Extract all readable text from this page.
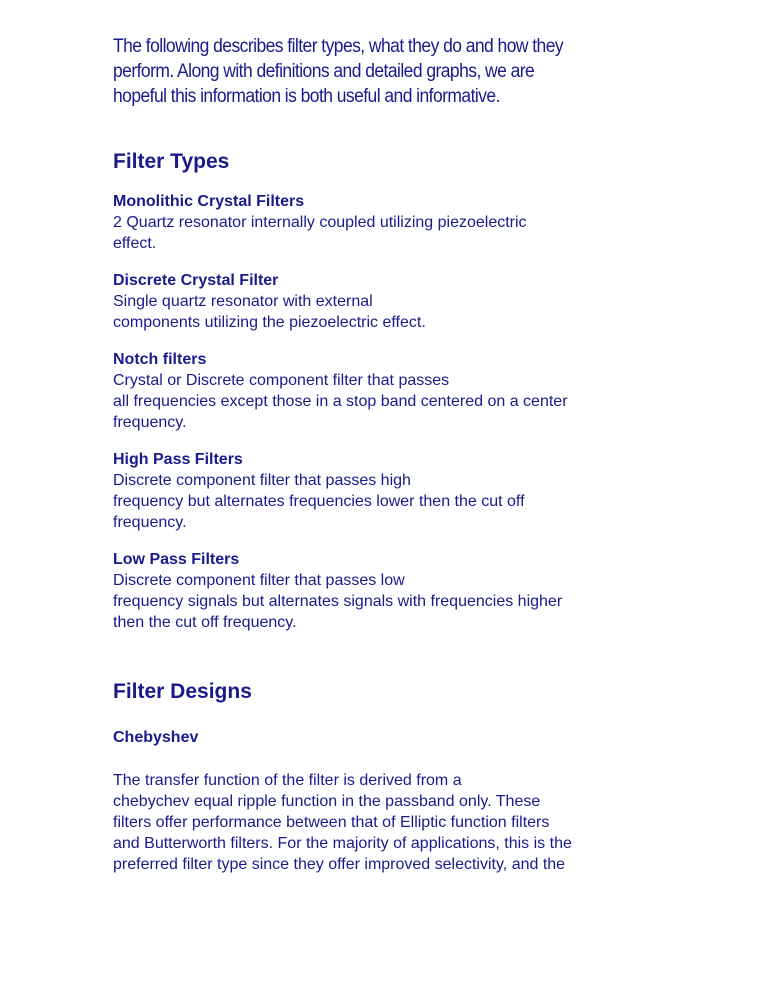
The following describes filter types, what they do and how they
perform. Along with definitions and detailed graphs, we are
hopeful this information is both useful and informative.
Filter Types

Monolithic Crystal Filters

2 Quartz resonator internally coupled utilizing piezoelectric
effect.

Discrete Crystal Filter

Single quartz resonator with external
components utilizing the piezoelectric effect.

Notch filters

Crystal or Discrete component filter that passes
all frequencies except those in a stop band centered on a center
frequency.

High Pass Filters

Discrete component filter that passes high
frequency but alternates frequencies lower then the cut off
frequency.

Low Pass Filters

Discrete component filter that passes low
frequency signals but alternates signals with frequencies higher
then the cut off frequency.

Filter Designs

Chebyshev

The transfer function of the filter is derived from a
chebychev equal ripple function in the passband only. These
filters offer performance between that of Elliptic function filters
and Butterworth filters. For the majority of applications, this is the
preferred filter type since they offer improved selectivity, and the
